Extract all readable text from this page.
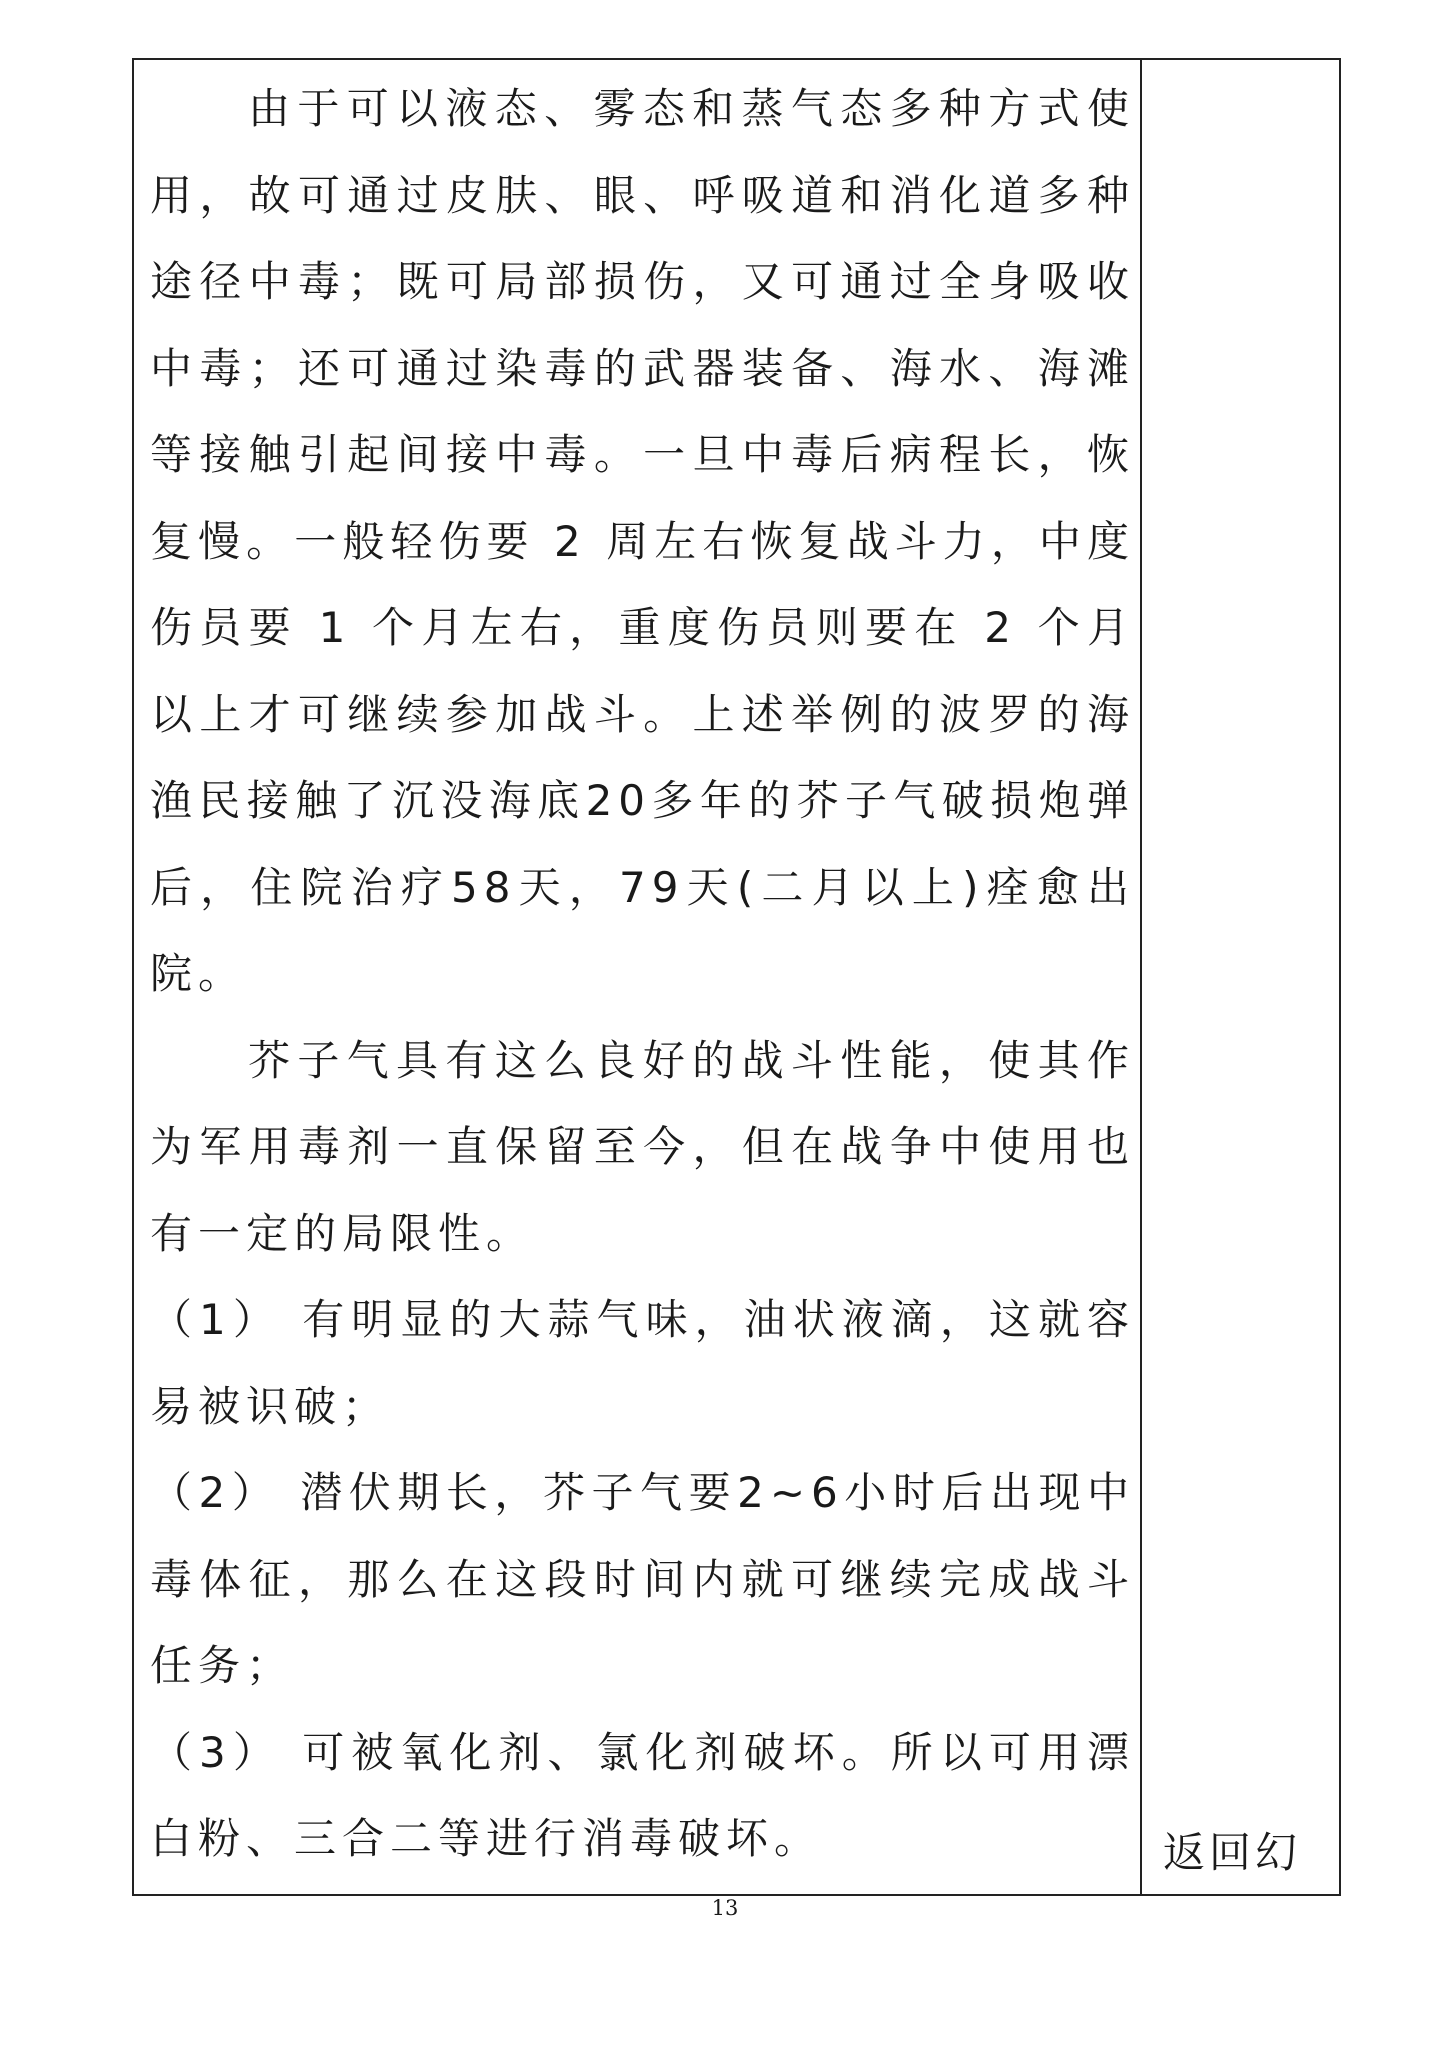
由于可以液态、雾态和蒸气态多种方式使用，故可通过皮肤、眼、呼吸道和消化道多种途径中毒；既可局部损伤，又可通过全身吸收中毒；还可通过染毒的武器装备、海水、海滩等接触引起间接中毒。一旦中毒后病程长，恢复慢。一般轻伤要 2 周左右恢复战斗力，中度伤员要 1 个月左右，重度伤员则要在 2 个月以上才可继续参加战斗。上述举例的波罗的海渔民接触了沉没海底20多年的芥子气破损炮弹后，住院治疗58天，79天(二月以上)痊愈出院。

芥子气具有这么良好的战斗性能，使其作为军用毒剂一直保留至今，但在战争中使用也有一定的局限性。

（1） 有明显的大蒜气味，油状液滴，这就容易被识破；

（2） 潜伏期长，芥子气要2~6小时后出现中毒体征，那么在这段时间内就可继续完成战斗任务；

（3） 可被氧化剂、氯化剂破坏。所以可用漂白粉、三合二等进行消毒破坏。	返回幻
13
